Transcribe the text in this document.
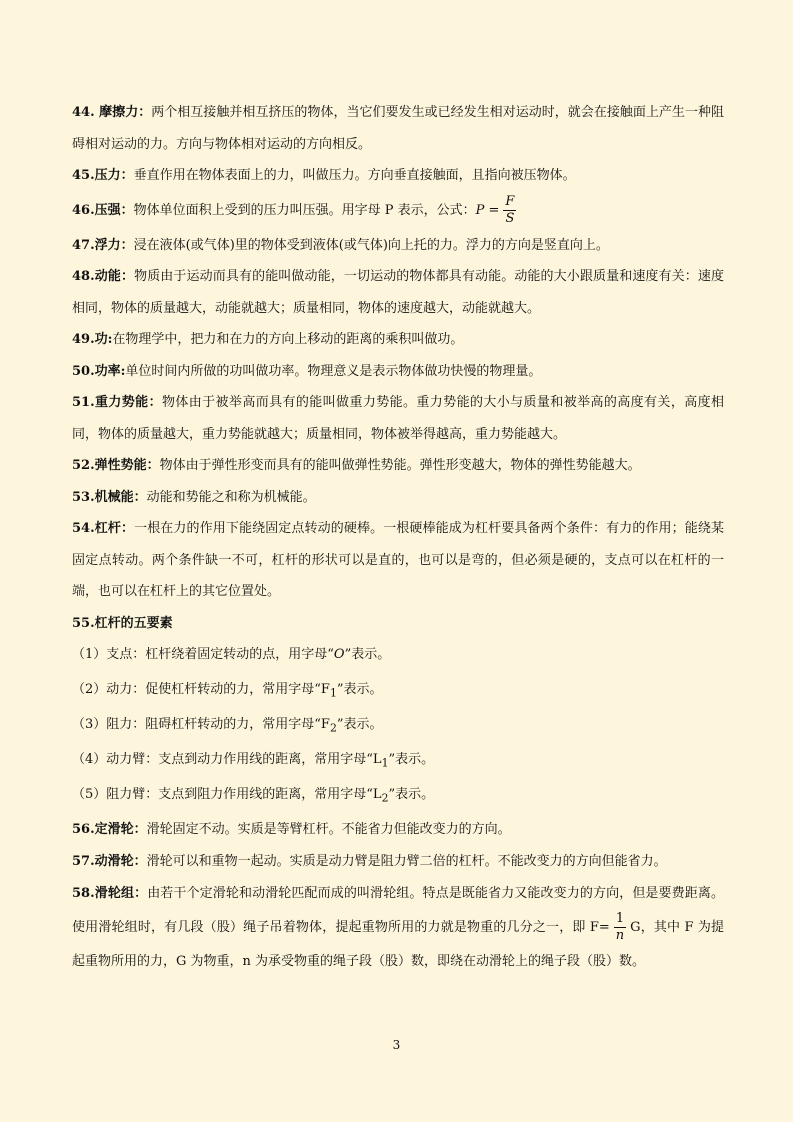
44. 摩擦力：两个相互接触并相互挤压的物体，当它们要发生或已经发生相对运动时，就会在接触面上产生一种阻碍相对运动的力。方向与物体相对运动的方向相反。

45.压力：垂直作用在物体表面上的力，叫做压力。方向垂直接触面，且指向被压物体。

46.压强：物体单位面积上受到的压力叫压强。用字母 P 表示，公式：$P = \frac{F}{S}$

47.浮力：浸在液体(或气体)里的物体受到液体(或气体)向上托的力。浮力的方向是竖直向上。

48.动能：物质由于运动而具有的能叫做动能，一切运动的物体都具有动能。动能的大小跟质量和速度有关：速度相同，物体的质量越大，动能就越大；质量相同，物体的速度越大，动能就越大。

49.功:在物理学中，把力和在力的方向上移动的距离的乘积叫做功。

50.功率:单位时间内所做的功叫做功率。物理意义是表示物体做功快慢的物理量。

51.重力势能：物体由于被举高而具有的能叫做重力势能。重力势能的大小与质量和被举高的高度有关，高度相同，物体的质量越大，重力势能就越大；质量相同，物体被举得越高，重力势能越大。

52.弹性势能：物体由于弹性形变而具有的能叫做弹性势能。弹性形变越大，物体的弹性势能越大。

53.机械能：动能和势能之和称为机械能。

54.杠杆：一根在力的作用下能绕固定点转动的硬棒。一根硬棒能成为杠杆要具备两个条件：有力的作用；能绕某固定点转动。两个条件缺一不可，杠杆的形状可以是直的，也可以是弯的，但必须是硬的，支点可以在杠杆的一端，也可以在杠杆上的其它位置处。

55.杠杆的五要素

（1）支点：杠杆绕着固定转动的点，用字母“O”表示。

（2）动力：促使杠杆转动的力，常用字母“$F_1$”表示。

（3）阻力：阻碍杠杆转动的力，常用字母“$F_2$”表示。

（4）动力臂：支点到动力作用线的距离，常用字母“$L_1$”表示。

（5）阻力臂：支点到阻力作用线的距离，常用字母“$L_2$”表示。

56.定滑轮：滑轮固定不动。实质是等臂杠杆。不能省力但能改变力的方向。

57.动滑轮：滑轮可以和重物一起动。实质是动力臂是阻力臂二倍的杠杆。不能改变力的方向但能省力。

58.滑轮组：由若干个定滑轮和动滑轮匹配而成的叫滑轮组。特点是既能省力又能改变力的方向，但是要费距离。使用滑轮组时，有几段（股）绳子吊着物体，提起重物所用的力就是物重的几分之一，即 $F= \frac{1}{n}$ G，其中 F 为提起重物所用的力，G 为物重，n 为承受物重的绳子段（股）数，即绕在动滑轮上的绳子段（股）数。

3
